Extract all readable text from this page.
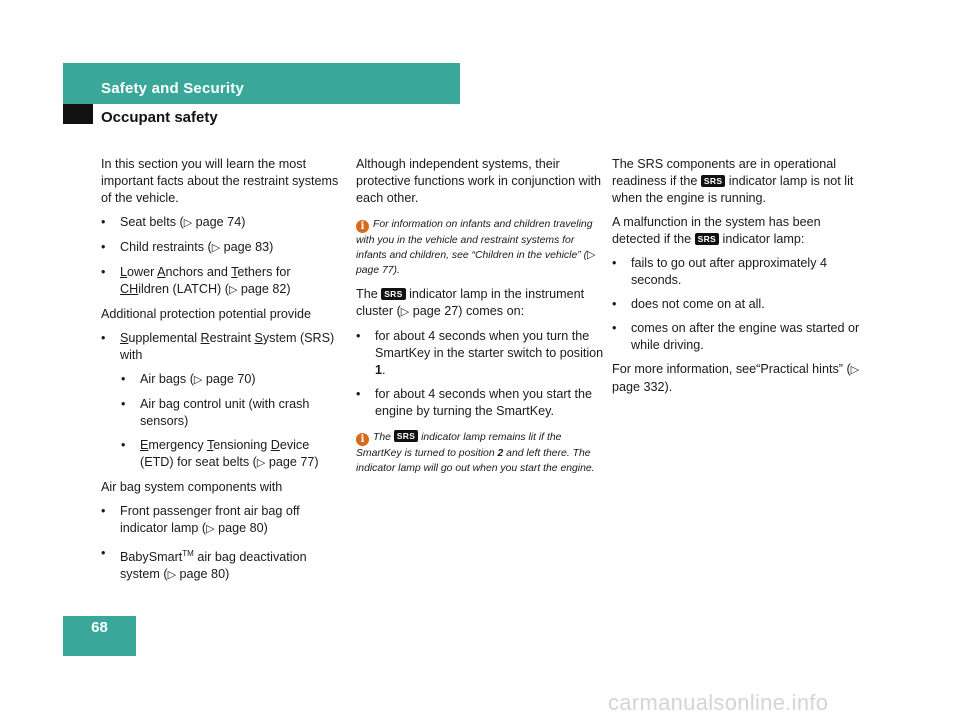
Safety and Security
Occupant safety

In this section you will learn the most important facts about the restraint systems of the vehicle.

• Seat belts (▷ page 74)
• Child restraints (▷ page 83)
• Lower Anchors and Tethers for
CHildren (LATCH) (▷ page 82)

Additional protection potential provide

• Supplemental Restraint System (SRS) with
• Air bags (▷ page 70)
• Air bag control unit (with crash sensors)
• Emergency Tensioning Device (ETD) for seat belts (▷ page 77)

Air bag system components with

• Front passenger front air bag off indicator lamp (▷ page 80)
• BabySmart™ air bag deactivation system (▷ page 80)

Although independent systems, their protective functions work in conjunction with each other.

i For information on infants and children traveling with you in the vehicle and restraint systems for infants and children, see “Children in the vehicle” (▷ page 77).

The SRS indicator lamp in the instrument cluster (▷ page 27) comes on:

• for about 4 seconds when you turn the SmartKey in the starter switch to position 1.
• for about 4 seconds when you start the engine by turning the SmartKey.
i The SRS indicator lamp remains lit if the SmartKey is turned to position 2 and left there. The indicator lamp will go out when you start the engine.

The SRS components are in operational readiness if the SRS indicator lamp is not lit when the engine is running.

A malfunction in the system has been detected if the SRS indicator lamp:

• fails to go out after approximately 4 seconds.
• does not come on at all.
• comes on after the engine was started or while driving.

For more information, see“Practical hints” (▷ page 332).

68
carmanualsonline.info
